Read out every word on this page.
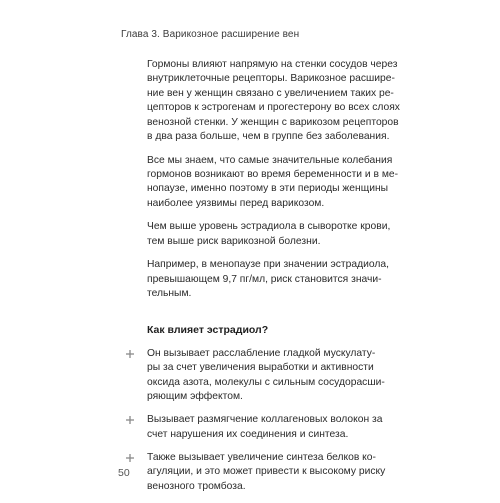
Глава 3. Варикозное расширение вен
Гормоны влияют напрямую на стенки сосудов через
внутриклеточные рецепторы. Варикозное расшире-
ние вен у женщин связано с увеличением таких ре-
цепторов к эстрогенам и прогестерону во всех слоях
венозной стенки. У женщин с варикозом рецепторов
в два раза больше, чем в группе без заболевания.
Все мы знаем, что самые значительные колебания
гормонов возникают во время беременности и в ме-
нопаузе, именно поэтому в эти периоды женщины
наиболее уязвимы перед варикозом.
Чем выше уровень эстрадиола в сыворотке крови,
тем выше риск варикозной болезни.
Например, в менопаузе при значении эстрадиола,
превышающем 9,7 пг/мл, риск становится значи-
тельным.
Как влияет эстрадиол?
Он вызывает расслабление гладкой мускулату-
ры за счет увеличения выработки и активности
оксида азота, молекулы с сильным сосудорасши-
ряющим эффектом.
Вызывает размягчение коллагеновых волокон за
счет нарушения их соединения и синтеза.
Также вызывает увеличение синтеза белков ко-
агуляции, и это может привести к высокому риску
венозного тромбоза.
50
